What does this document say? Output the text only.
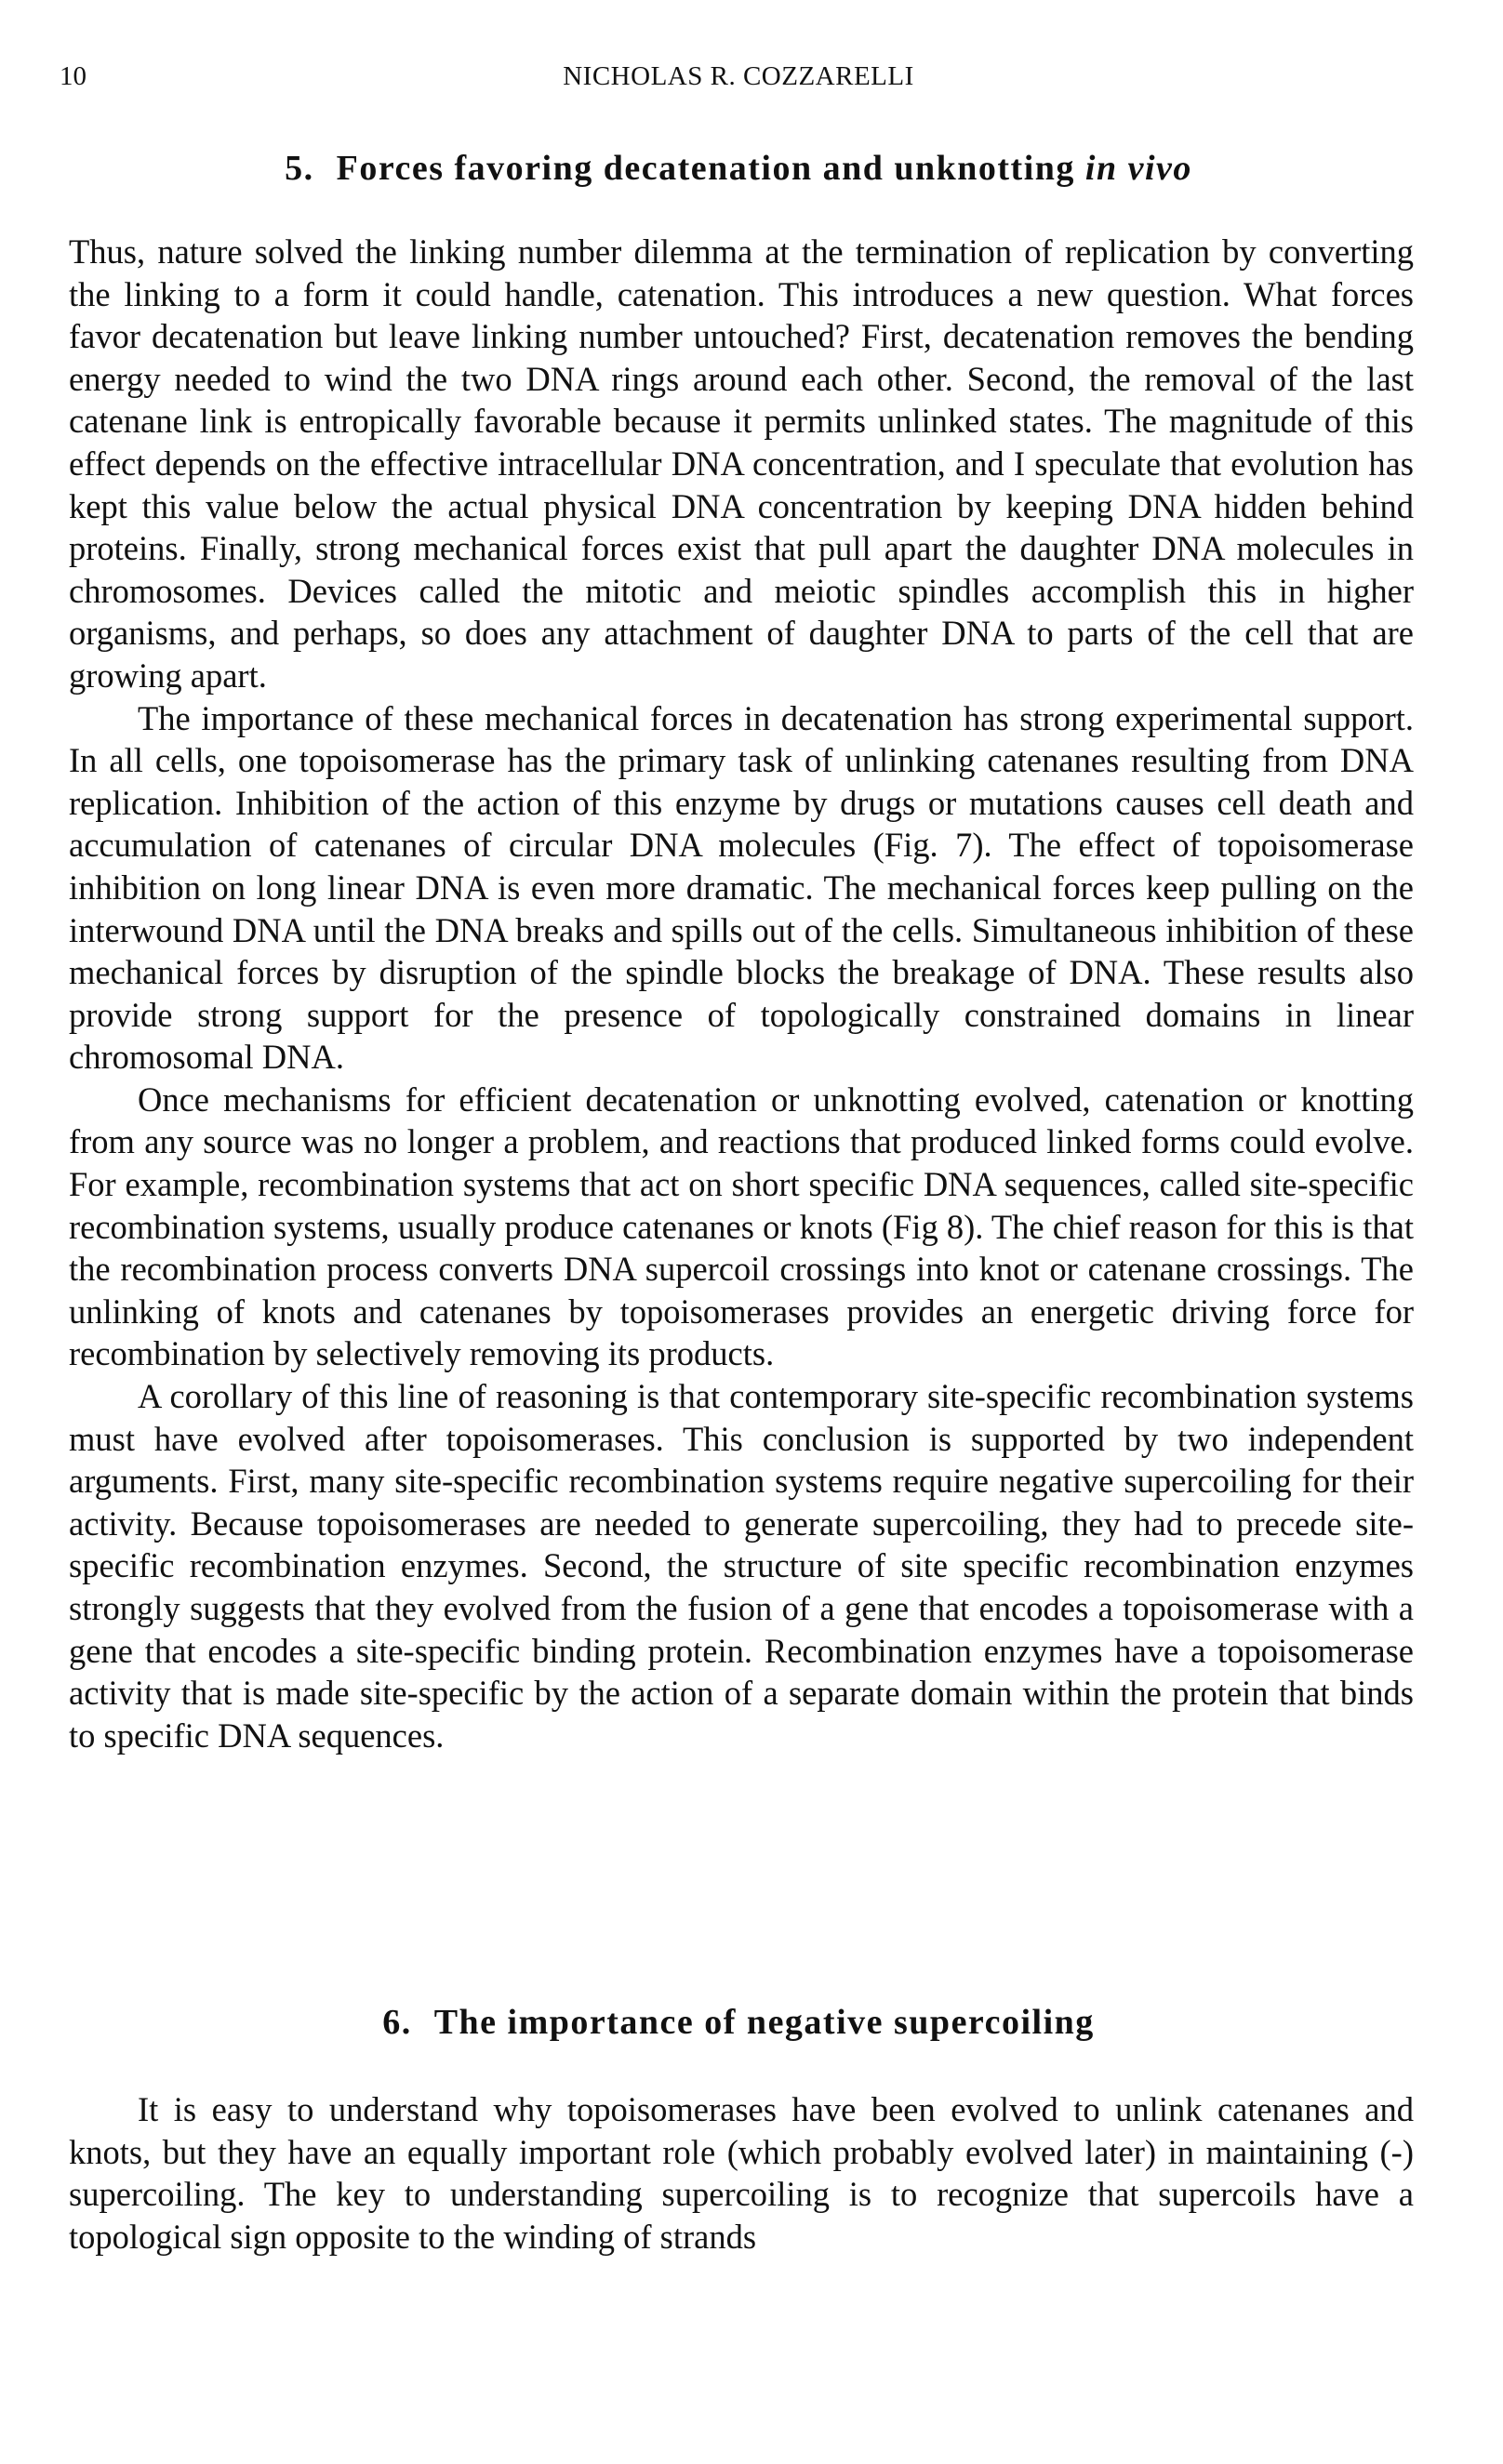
10	NICHOLAS R. COZZARELLI
5. Forces favoring decatenation and unknotting in vivo

Thus, nature solved the linking number dilemma at the termination of replication by converting the linking to a form it could handle, catenation. This introduces a new question. What forces favor decatenation but leave linking number untouched? First, decatenation removes the bending energy needed to wind the two DNA rings around each other. Second, the removal of the last catenane link is entropically favorable because it permits unlinked states. The magnitude of this effect depends on the effective intracellular DNA concentration, and I speculate that evolution has kept this value below the actual physical DNA concentration by keeping DNA hidden behind proteins. Finally, strong mechanical forces exist that pull apart the daughter DNA molecules in chromosomes. Devices called the mitotic and meiotic spindles accomplish this in higher organisms, and perhaps, so does any attachment of daughter DNA to parts of the cell that are growing apart.

The importance of these mechanical forces in decatenation has strong experimental support. In all cells, one topoisomerase has the primary task of unlinking catenanes resulting from DNA replication. Inhibition of the action of this enzyme by drugs or mutations causes cell death and accumulation of catenanes of circular DNA molecules (Fig. 7). The effect of topoisomerase inhibition on long linear DNA is even more dramatic. The mechanical forces keep pulling on the interwound DNA until the DNA breaks and spills out of the cells. Simultaneous inhibition of these mechanical forces by disruption of the spindle blocks the breakage of DNA. These results also provide strong support for the presence of topologically constrained domains in linear chromosomal DNA.

Once mechanisms for efficient decatenation or unknotting evolved, catenation or knotting from any source was no longer a problem, and reactions that produced linked forms could evolve. For example, recombination systems that act on short specific DNA sequences, called site-specific recombination systems, usually produce catenanes or knots (Fig 8). The chief reason for this is that the recombination process converts DNA supercoil crossings into knot or catenane crossings. The unlinking of knots and catenanes by topoisomerases provides an energetic driving force for recombination by selectively removing its products.

A corollary of this line of reasoning is that contemporary site-specific recombination systems must have evolved after topoisomerases. This conclusion is supported by two independent arguments. First, many site-specific recombination systems require negative supercoiling for their activity. Because topoisomerases are needed to generate supercoiling, they had to precede site-specific recombination enzymes. Second, the structure of site specific recombination enzymes strongly suggests that they evolved from the fusion of a gene that encodes a topoisomerase with a gene that encodes a site-specific binding protein. Recombination enzymes have a topoisomerase activity that is made site-specific by the action of a separate domain within the protein that binds to specific DNA sequences.

6. The importance of negative supercoiling

It is easy to understand why topoisomerases have been evolved to unlink catenanes and knots, but they have an equally important role (which probably evolved later) in maintaining (-) supercoiling. The key to understanding supercoiling is to recognize that supercoils have a topological sign opposite to the winding of strands
